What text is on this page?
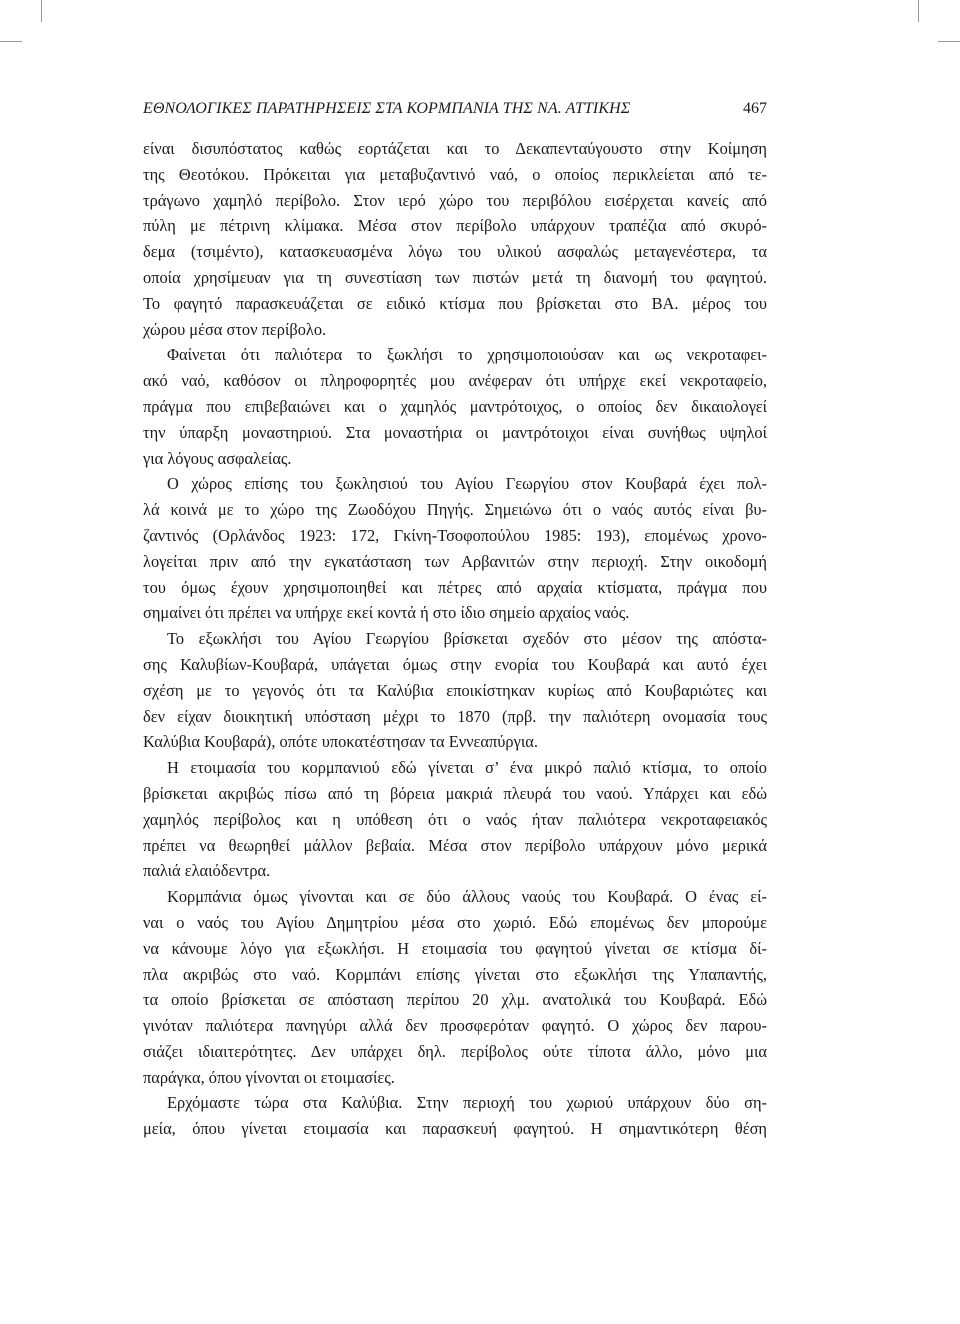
ΕΘΝΟΛΟΓΙΚΕΣ ΠΑΡΑΤΗΡΗΣΕΙΣ ΣΤΑ ΚΟΡΜΠΑΝΙΑ ΤΗΣ ΝΑ. ΑΤΤΙΚΗΣ	467
είναι δισυπόστατος καθώς εορτάζεται και το Δεκαπενταύγουστο στην Κοίμηση
της Θεοτόκου. Πρόκειται για μεταβυζαντινό ναό, ο οποίος περικλείεται από τε-
τράγωνο χαμηλό περίβολο. Στον ιερό χώρο του περιβόλου εισέρχεται κανείς από
πύλη με πέτρινη κλίμακα. Μέσα στον περίβολο υπάρχουν τραπέζια από σκυρό-
δεμα (τσιμέντο), κατασκευασμένα λόγω του υλικού ασφαλώς μεταγενέστερα, τα
οποία χρησίμευαν για τη συνεστίαση των πιστών μετά τη διανομή του φαγητού.
Το φαγητό παρασκευάζεται σε ειδικό κτίσμα που βρίσκεται στο ΒΑ. μέρος του
χώρου μέσα στον περίβολο.
Φαίνεται ότι παλιότερα το ξωκλήσι το χρησιμοποιούσαν και ως νεκροταφει-
ακό ναό, καθόσον οι πληροφορητές μου ανέφεραν ότι υπήρχε εκεί νεκροταφείο,
πράγμα που επιβεβαιώνει και ο χαμηλός μαντρότοιχος, ο οποίος δεν δικαιολογεί
την ύπαρξη μοναστηριού. Στα μοναστήρια οι μαντρότοιχοι είναι συνήθως υψηλοί
για λόγους ασφαλείας.
Ο χώρος επίσης του ξωκλησιού του Αγίου Γεωργίου στον Κουβαρά έχει πολ-
λά κοινά με το χώρο της Ζωοδόχου Πηγής. Σημειώνω ότι ο ναός αυτός είναι βυ-
ζαντινός (Ορλάνδος 1923: 172, Γκίνη-Τσοφοπούλου 1985: 193), επομένως χρονο-
λογείται πριν από την εγκατάσταση των Αρβανιτών στην περιοχή. Στην οικοδομή
του όμως έχουν χρησιμοποιηθεί και πέτρες από αρχαία κτίσματα, πράγμα που
σημαίνει ότι πρέπει να υπήρχε εκεί κοντά ή στο ίδιο σημείο αρχαίος ναός.
Το εξωκλήσι του Αγίου Γεωργίου βρίσκεται σχεδόν στο μέσον της απόστα-
σης Καλυβίων-Κουβαρά, υπάγεται όμως στην ενορία του Κουβαρά και αυτό έχει
σχέση με το γεγονός ότι τα Καλύβια εποικίστηκαν κυρίως από Κουβαριώτες και
δεν είχαν διοικητική υπόσταση μέχρι το 1870 (πρβ. την παλιότερη ονομασία τους
Καλύβια Κουβαρά), οπότε υποκατέστησαν τα Εννεαπύργια.
Η ετοιμασία του κορμπανιού εδώ γίνεται σ’ ένα μικρό παλιό κτίσμα, το οποίο
βρίσκεται ακριβώς πίσω από τη βόρεια μακριά πλευρά του ναού. Υπάρχει και εδώ
χαμηλός περίβολος και η υπόθεση ότι ο ναός ήταν παλιότερα νεκροταφειακός
πρέπει να θεωρηθεί μάλλον βεβαία. Μέσα στον περίβολο υπάρχουν μόνο μερικά
παλιά ελαιόδεντρα.
Κορμπάνια όμως γίνονται και σε δύο άλλους ναούς του Κουβαρά. Ο ένας εί-
ναι ο ναός του Αγίου Δημητρίου μέσα στο χωριό. Εδώ επομένως δεν μπορούμε
να κάνουμε λόγο για εξωκλήσι. Η ετοιμασία του φαγητού γίνεται σε κτίσμα δί-
πλα ακριβώς στο ναό. Κορμπάνι επίσης γίνεται στο εξωκλήσι της Υπαπαντής,
τα οποίο βρίσκεται σε απόσταση περίπου 20 χλμ. ανατολικά του Κουβαρά. Εδώ
γινόταν παλιότερα πανηγύρι αλλά δεν προσφερόταν φαγητό. Ο χώρος δεν παρου-
σιάζει ιδιαιτερότητες. Δεν υπάρχει δηλ. περίβολος ούτε τίποτα άλλο, μόνο μια
παράγκα, όπου γίνονται οι ετοιμασίες.
Ερχόμαστε τώρα στα Καλύβια. Στην περιοχή του χωριού υπάρχουν δύο ση-
μεία, όπου γίνεται ετοιμασία και παρασκευή φαγητού. Η σημαντικότερη θέση
